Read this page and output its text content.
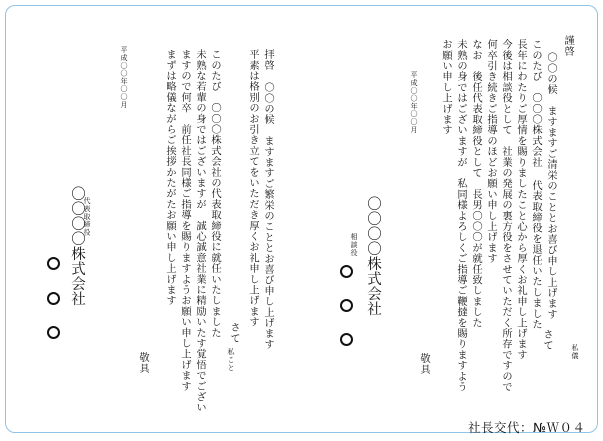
謹啓
〇〇の候　ますますご清栄のこととお喜び申し上げます
このたび　〇〇〇株式会社 代表取締役を退任いたしました
長年にわたりご厚情を賜りましたこと心から厚くお礼申し上げます
今後は相談役として　社業の発展の裏方役をさせていただく所存ですので
何卒引き続きご指導のほどお願い申し上げます
なお　後任代表取締役として　長男〇〇〇が就任致しました
未熟の身ではございますが　私同様よろしくご指導ご鞭撻を賜りますよう
お願い申し上げます
さて
私儀
敬具
平成〇〇年〇〇月
相談役 〇〇〇〇株式会社
拝啓
〇〇の候　ますますご繁栄のこととお喜び申し上げます
平素は格別のお引き立てをいただき厚くお礼申し上げます
このたび　〇〇〇株式会社の代表取締役に就任いたしました
未熟な若輩の身ではございますが　誠心誠意社業に精励いたす覚悟でござい
ますので何卒　前任社長同様ご指導を賜りますようお願い申し上げます
まずは略儀ながらご挨拶かたがたお願い申し上げます
さて
私こと
敬具
平成〇〇年〇〇月
代表取締役
〇〇〇〇株式会社
社長交代：№Ｗ０４
